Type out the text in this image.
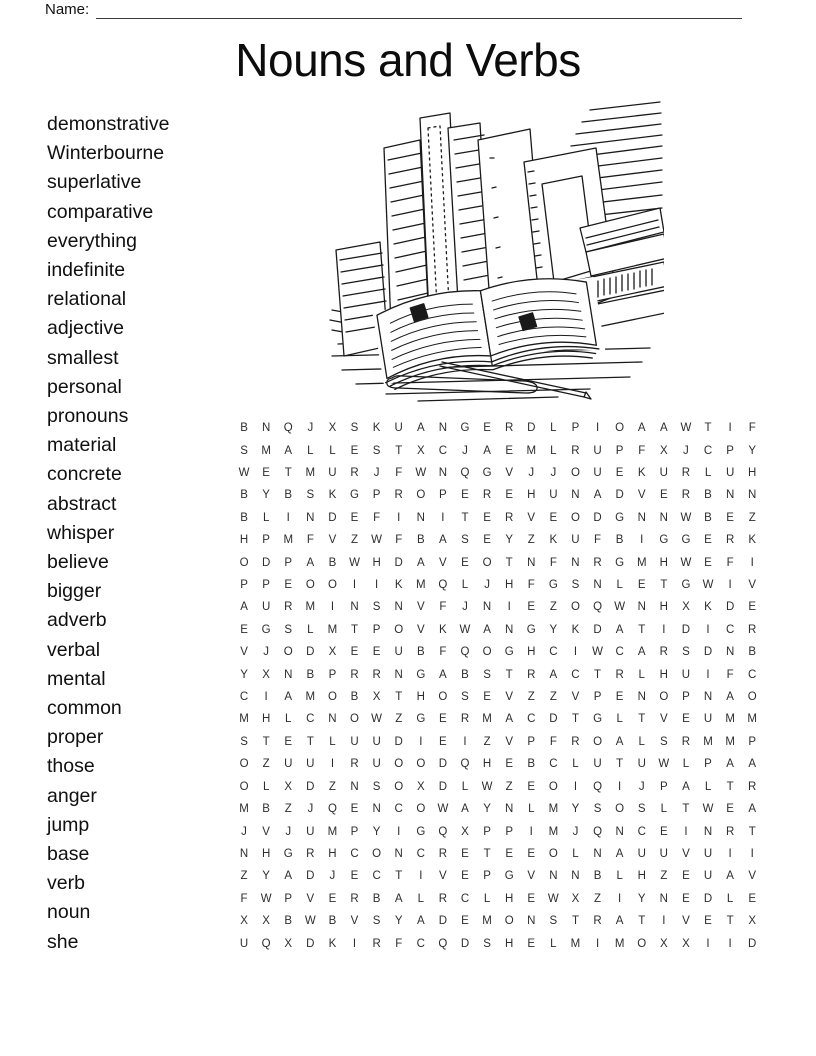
Name:
Nouns and Verbs
demonstrative
Winterbourne
superlative
comparative
everything
indefinite
relational
adjective
smallest
personal
pronouns
material
concrete
abstract
whisper
believe
bigger
adverb
verbal
mental
common
proper
those
anger
jump
base
verb
noun
she
B N Q J X S K U A N G E R D L P I O A A W T I F
S M A L L E S T X C J A E M L R U P F X J C P Y
W E T M U R J F W N Q G V J J O U E K U R L U H
B Y B S K G P R O P E R E H U N A D V E R B N N
B L I N D E F I N I T E R V E O D G N N W B E Z
H P M F V Z W F B A S E Y Z K U F B I G G E R K
O D P A B W H D A V E O T N F N R G M H W E F I
P P E O O I I K M Q L J H F G S N L E T G W I V
A U R M I N S N V F J N I E Z O Q W N H X K D E
E G S L M T P O V K W A N G Y K D A T I D I C R
V J O D X E E U B F Q O G H C I W C A R S D N B
Y X N B P R R N G A B S T R A C T R L H U I F C
C I A M O B X T H O S E V Z Z V P E N O P N A O
M H L C N O W Z G E R M A C D T G L T V E U M M
S T E T L U U D I E I Z V P F R O A L S R M M P
O Z U U I R U O O D Q H E B C L U T U W L P A A
O L X D Z N S O X D L W Z E O I Q I J P A L T R
M B Z J Q E N C O W A Y N L M Y S O S L T W E A
J V J U M P Y I G Q X P P I M J Q N C E I N R T
N H G R H C O N C R E T E E O L N A U U V U I I
Z Y A D J E C T I V E P G V N N B L H Z E U A V
F W P V E R B A L R C L H E W X Z I Y N E D L E
X X B W B V S Y A D E M O N S T R A T I V E T X
U Q X D K I R F C Q D S H E L M I M O X X I I D
